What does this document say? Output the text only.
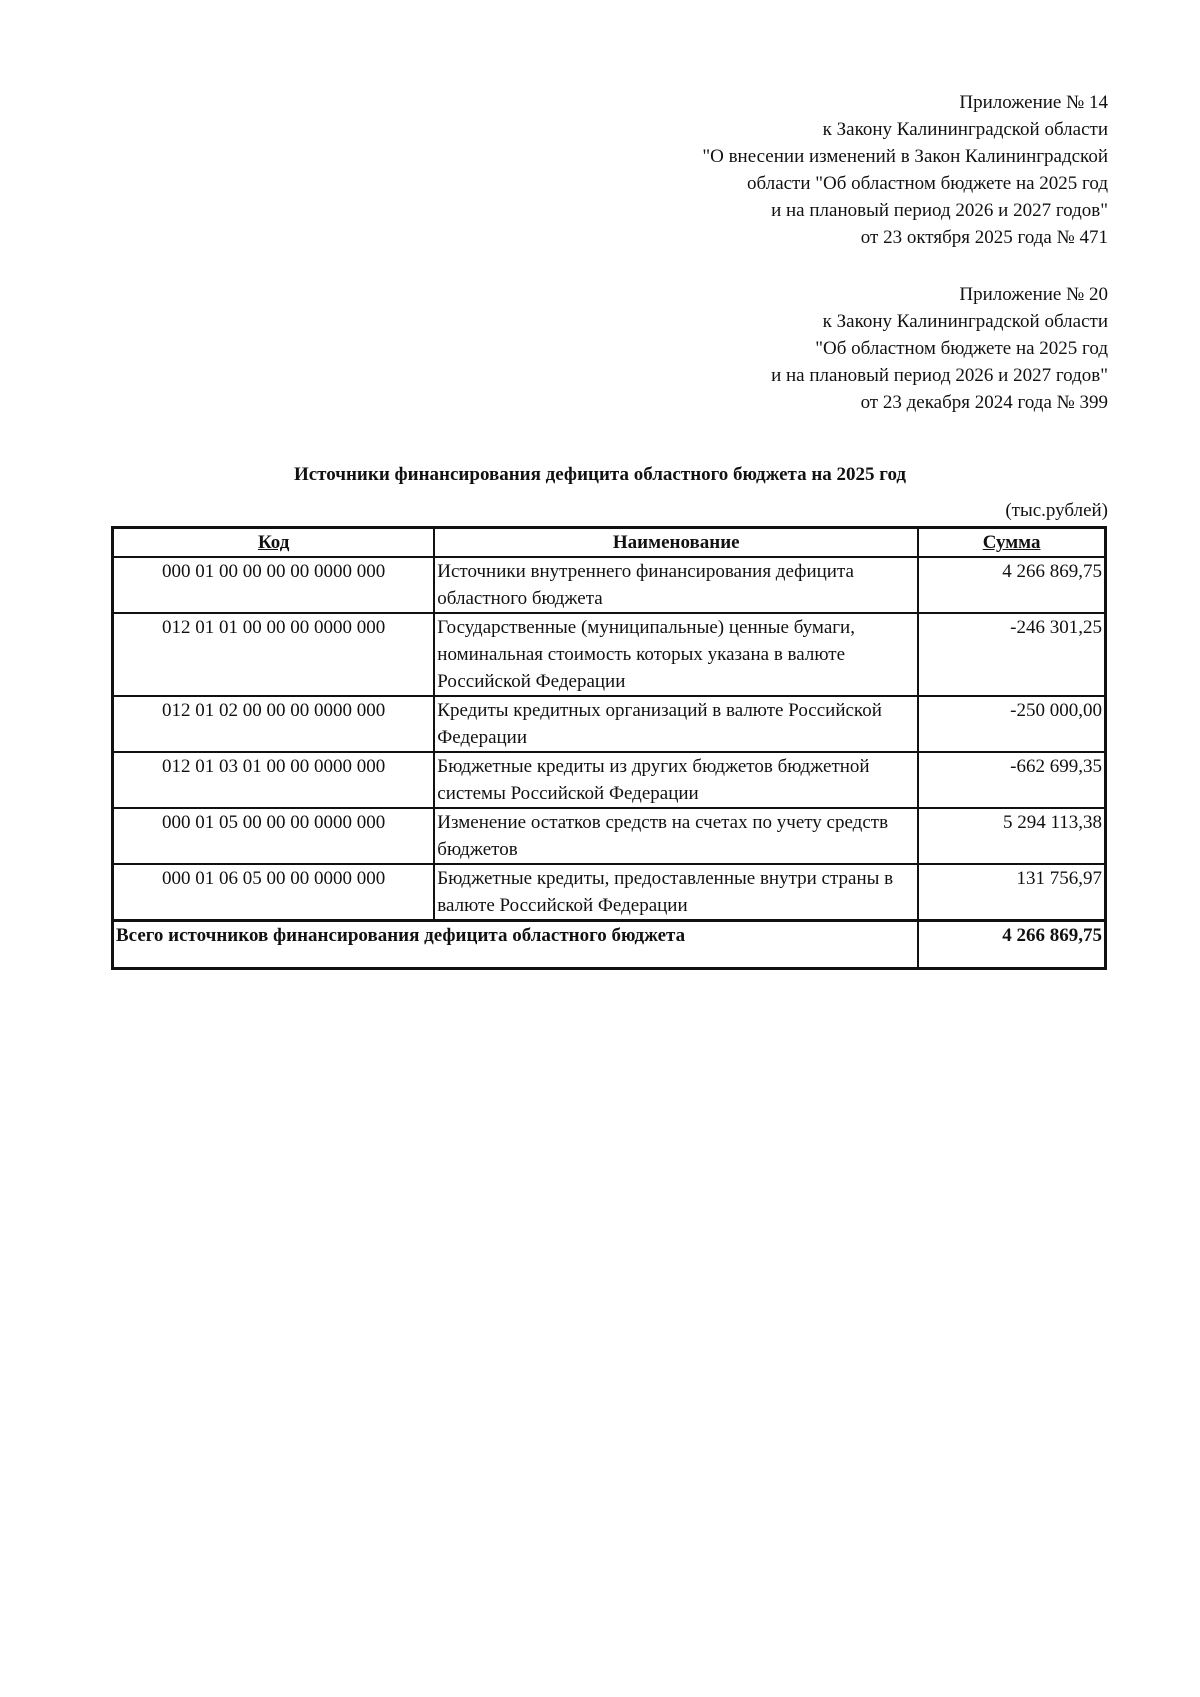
Приложение № 14
к Закону Калининградской области
"О внесении изменений в Закон Калининградской
области "Об областном бюджете на 2025 год
и на плановый период 2026 и 2027 годов"
от 23 октября 2025 года № 471
Приложение № 20
к Закону Калининградской области
"Об областном бюджете на 2025 год
и на плановый период 2026 и 2027 годов"
от 23 декабря 2024 года № 399
Источники финансирования дефицита областного бюджета на 2025 год
(тыс.рублей)
Код	Наименование	Сумма
000 01 00 00 00 00 0000 000	Источники внутреннего финансирования дефицита областного бюджета	4 266 869,75
012 01 01 00 00 00 0000 000	Государственные (муниципальные) ценные бумаги, номинальная стоимость которых указана в валюте Российской Федерации	-246 301,25
012 01 02 00 00 00 0000 000	Кредиты кредитных организаций в валюте Российской Федерации	-250 000,00
012 01 03 01 00 00 0000 000	Бюджетные кредиты из других бюджетов бюджетной системы Российской Федерации	-662 699,35
000 01 05 00 00 00 0000 000	Изменение остатков средств на счетах по учету средств бюджетов	5 294 113,38
000 01 06 05 00 00 0000 000	Бюджетные кредиты, предоставленные внутри страны в валюте Российской Федерации	131 756,97
Всего источников финансирования дефицита областного бюджета		4 266 869,75
